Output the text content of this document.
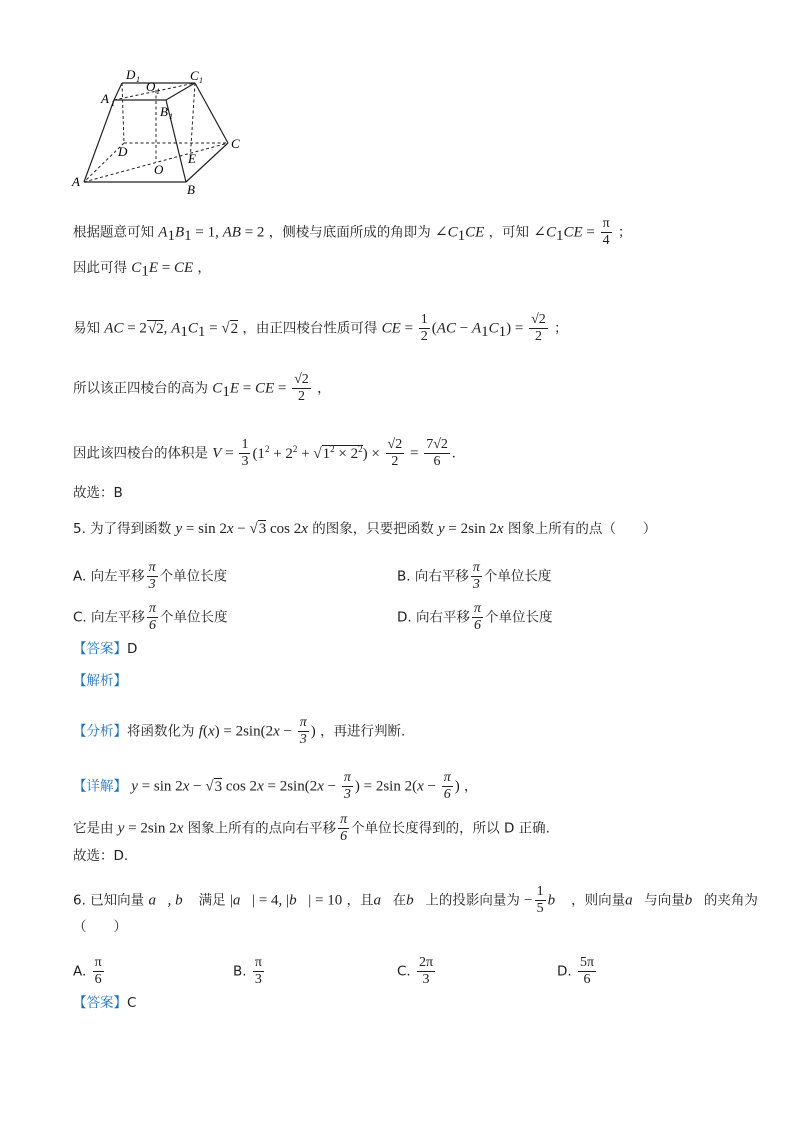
D 1 O 1
C 1
A 1
B 1
D	E
C
O
A
B
根据题意可知 $A_1B_1 = 1$, AB = 2 ，侧棱与底面所成的角即为 $\angle C_1CE$ ，可知 $\angle C_1CE = \frac{\pi}{4}$ ；
因此可得 $C_1E$ = CE ，
易知 AC = 2√2, $A_1C_1 = √2$ ，由正四棱台性质可得 CE = $\frac{1}{2} (AC - A_1C_1) = \frac{√2}{2}$ ；
所以该正四棱台的高为 $C_1E$ = CE = $\frac{√2}{2}$ ，
因此该四棱台的体积是 $V = \frac{1}{3} (1^2 + 2^2 + √1^2 \times 2^2) \times \frac{√2}{2} = \frac{7√2}{6}$ .
故选：B
5. 为了得到函数 y = sin 2x − √3 cos 2x 的图象，只要把函数 y = 2sin 2x 图象上所有的点（　　）
A. 向左平移 $\frac{\pi}{3}$ 个单位长度	B. 向右平移 $\frac{\pi}{3}$ 个单位长度
C. 向左平移 $\frac{\pi}{6}$ 个单位长度	D. 向右平移 $\frac{\pi}{6}$ 个单位长度
【答案】D
【解析】
【分析】将函数化为 $f(x) = 2\sin(2x - \frac{\pi}{3}$ ) ，再进行判断.
【详解】 y = sin 2x − √3 $\cos 2x = 2\sin(2x - \frac{\pi}{3}$ ) = 2sin $2(x - \frac{\pi}{6}$ ) ，
它是由 y = 2sin 2x 图象上所有的点向右平移 $\frac{\pi}{6}$ 个单位长度得到的，所以 D 正确.
故选：D.
6. 已知向量 a⃗, b⃗ 满足 |a⃗| = 4, |b⃗| = 10 ，且a⃗在b⃗上的投影向量为 − $\frac{1}{5}$ b⃗ ，则向量a⃗与向量b⃗的夹角为
（　　）
A. $\frac{\pi}{6}$	B. $\frac{\pi}{3}$	C. $\frac{2\pi}{3}$	D. $\frac{5\pi}{6}$
【答案】C
